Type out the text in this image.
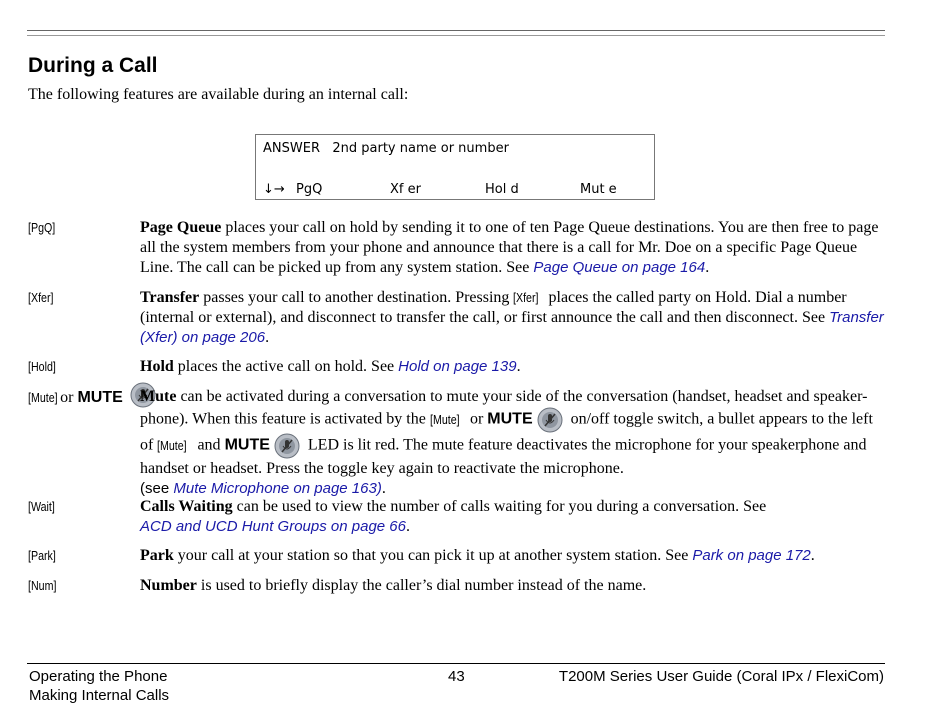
During a Call
The following features are available during an internal call:
ANSWER   2nd party name or number
↓→ PgQ	Xf er	Hol d	Mut e
[PgQ]	Page Queue places your call on hold by sending it to one of ten Page Queue destinations. You are then free to page all the system members from your phone and announce that there is a call for Mr. Doe on a specific Page Queue Line. The call can be picked up from any system station. See Page Queue on page 164.
[Xfer]	Transfer passes your call to another destination. Pressing [Xfer] places the called party on Hold. Dial a number (internal or external), and disconnect to transfer the call, or first announce the call and then disconnect. See Transfer (Xfer) on page 206.
[Hold]	Hold places the active call on hold. See Hold on page 139.
[Mute] or MUTE	Mute can be activated during a conversation to mute your side of the conversation (handset, headset and speaker-phone). When this feature is activated by the [Mute] or MUTE on/off toggle switch, a bullet appears to the left of [Mute] and MUTE LED is lit red. The mute feature deactivates the microphone for your speakerphone and handset or headset. Press the toggle key again to reactivate the microphone.
(see Mute Microphone on page 163).
[Wait]	Calls Waiting can be used to view the number of calls waiting for you during a conversation. See
ACD and UCD Hunt Groups on page 66.
[Park]	Park your call at your station so that you can pick it up at another system station. See Park on page 172.
[Num]	Number is used to briefly display the caller’s dial number instead of the name.
Operating the Phone
Making Internal Calls
43	T200M Series User Guide (Coral IPx / FlexiCom)
